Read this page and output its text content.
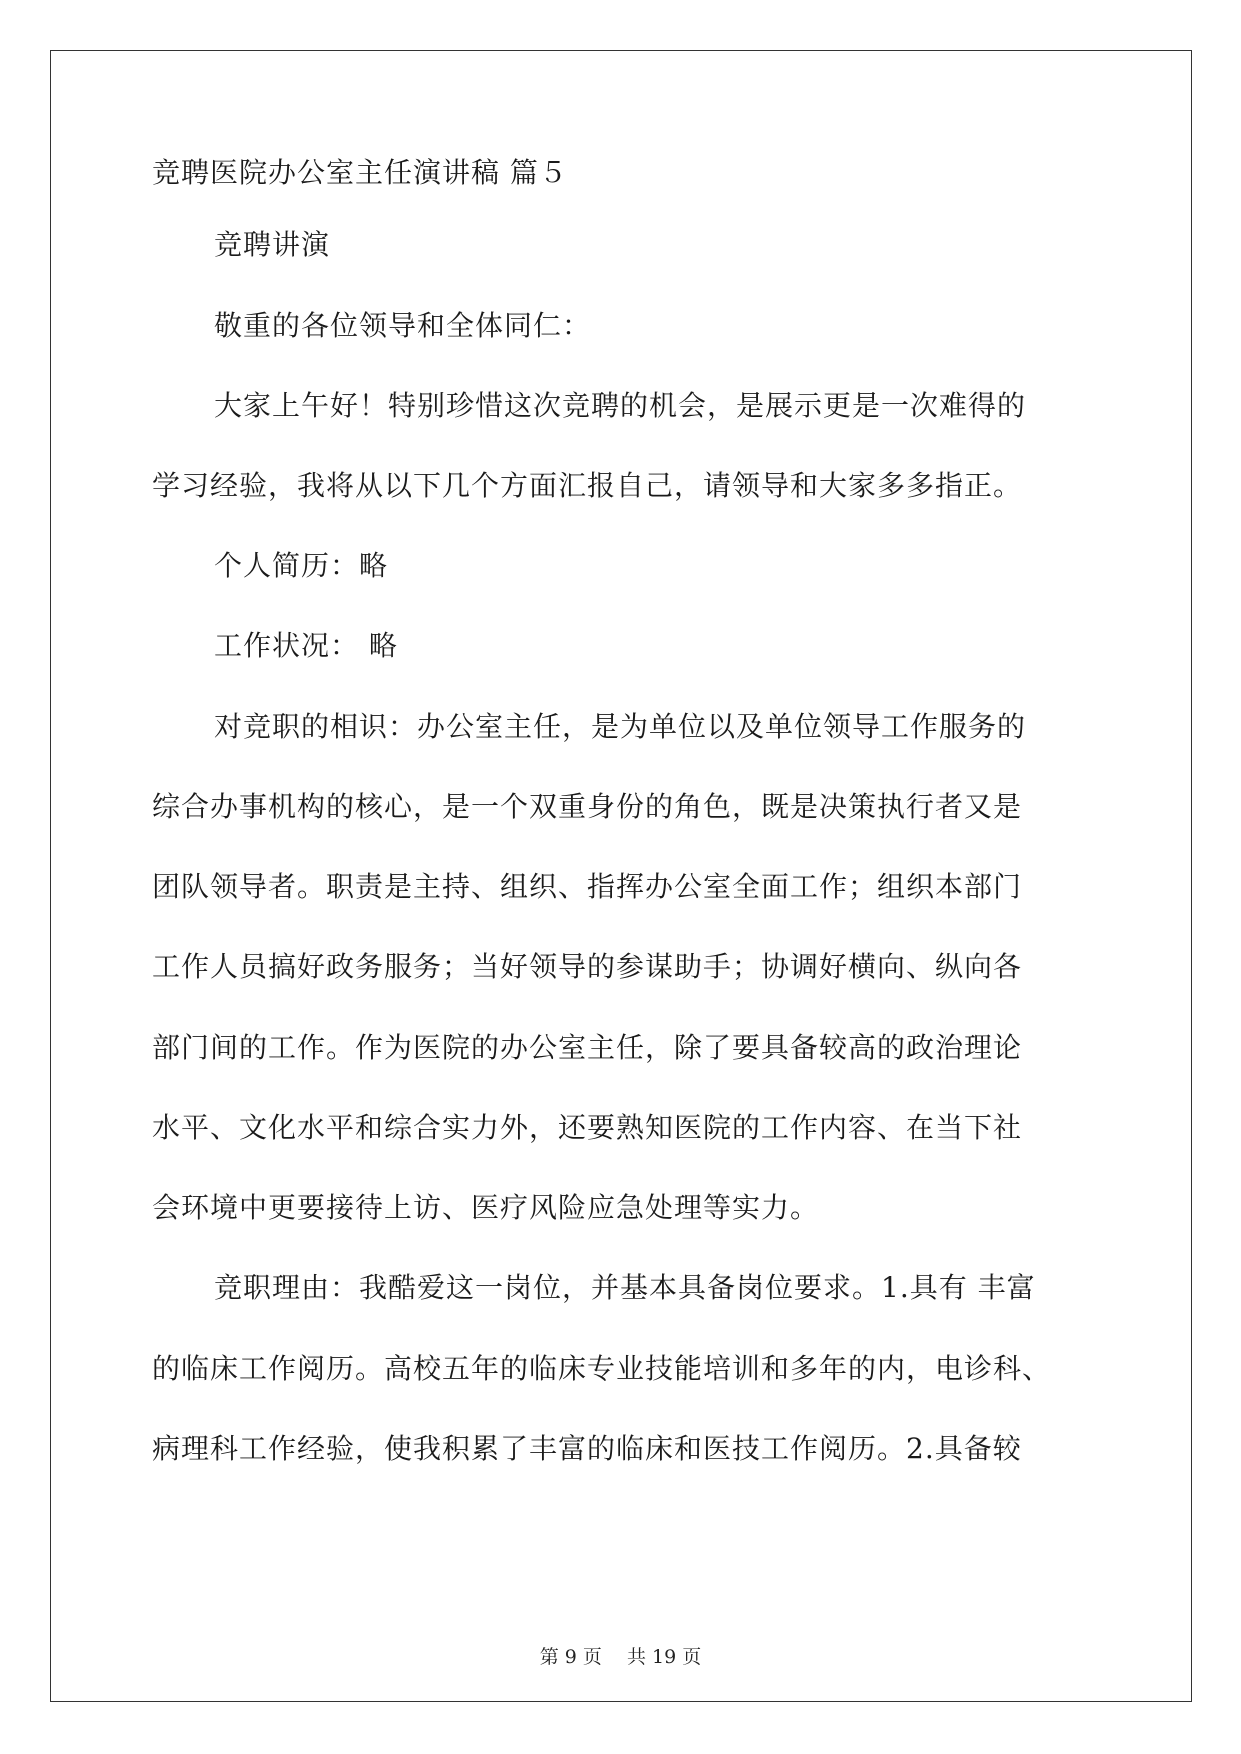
竞聘医院办公室主任演讲稿 篇５
竞聘讲演
敬重的各位领导和全体同仁：
大家上午好！特别珍惜这次竞聘的机会，是展示更是一次难得的
学习经验，我将从以下几个方面汇报自己，请领导和大家多多指正。
个人简历：略
工作状况： 略
对竞职的相识：办公室主任，是为单位以及单位领导工作服务的
综合办事机构的核心，是一个双重身份的角色，既是决策执行者又是
团队领导者。职责是主持、组织、指挥办公室全面工作；组织本部门
工作人员搞好政务服务；当好领导的参谋助手；协调好横向、纵向各
部门间的工作。作为医院的办公室主任，除了要具备较高的政治理论
水平、文化水平和综合实力外，还要熟知医院的工作内容、在当下社
会环境中更要接待上访、医疗风险应急处理等实力。
竞职理由：我酷爱这一岗位，并基本具备岗位要求。1.具有 丰富
的临床工作阅历。高校五年的临床专业技能培训和多年的内，电诊科、
病理科工作经验，使我积累了丰富的临床和医技工作阅历。2.具备较
第 9 页　 共 19 页
